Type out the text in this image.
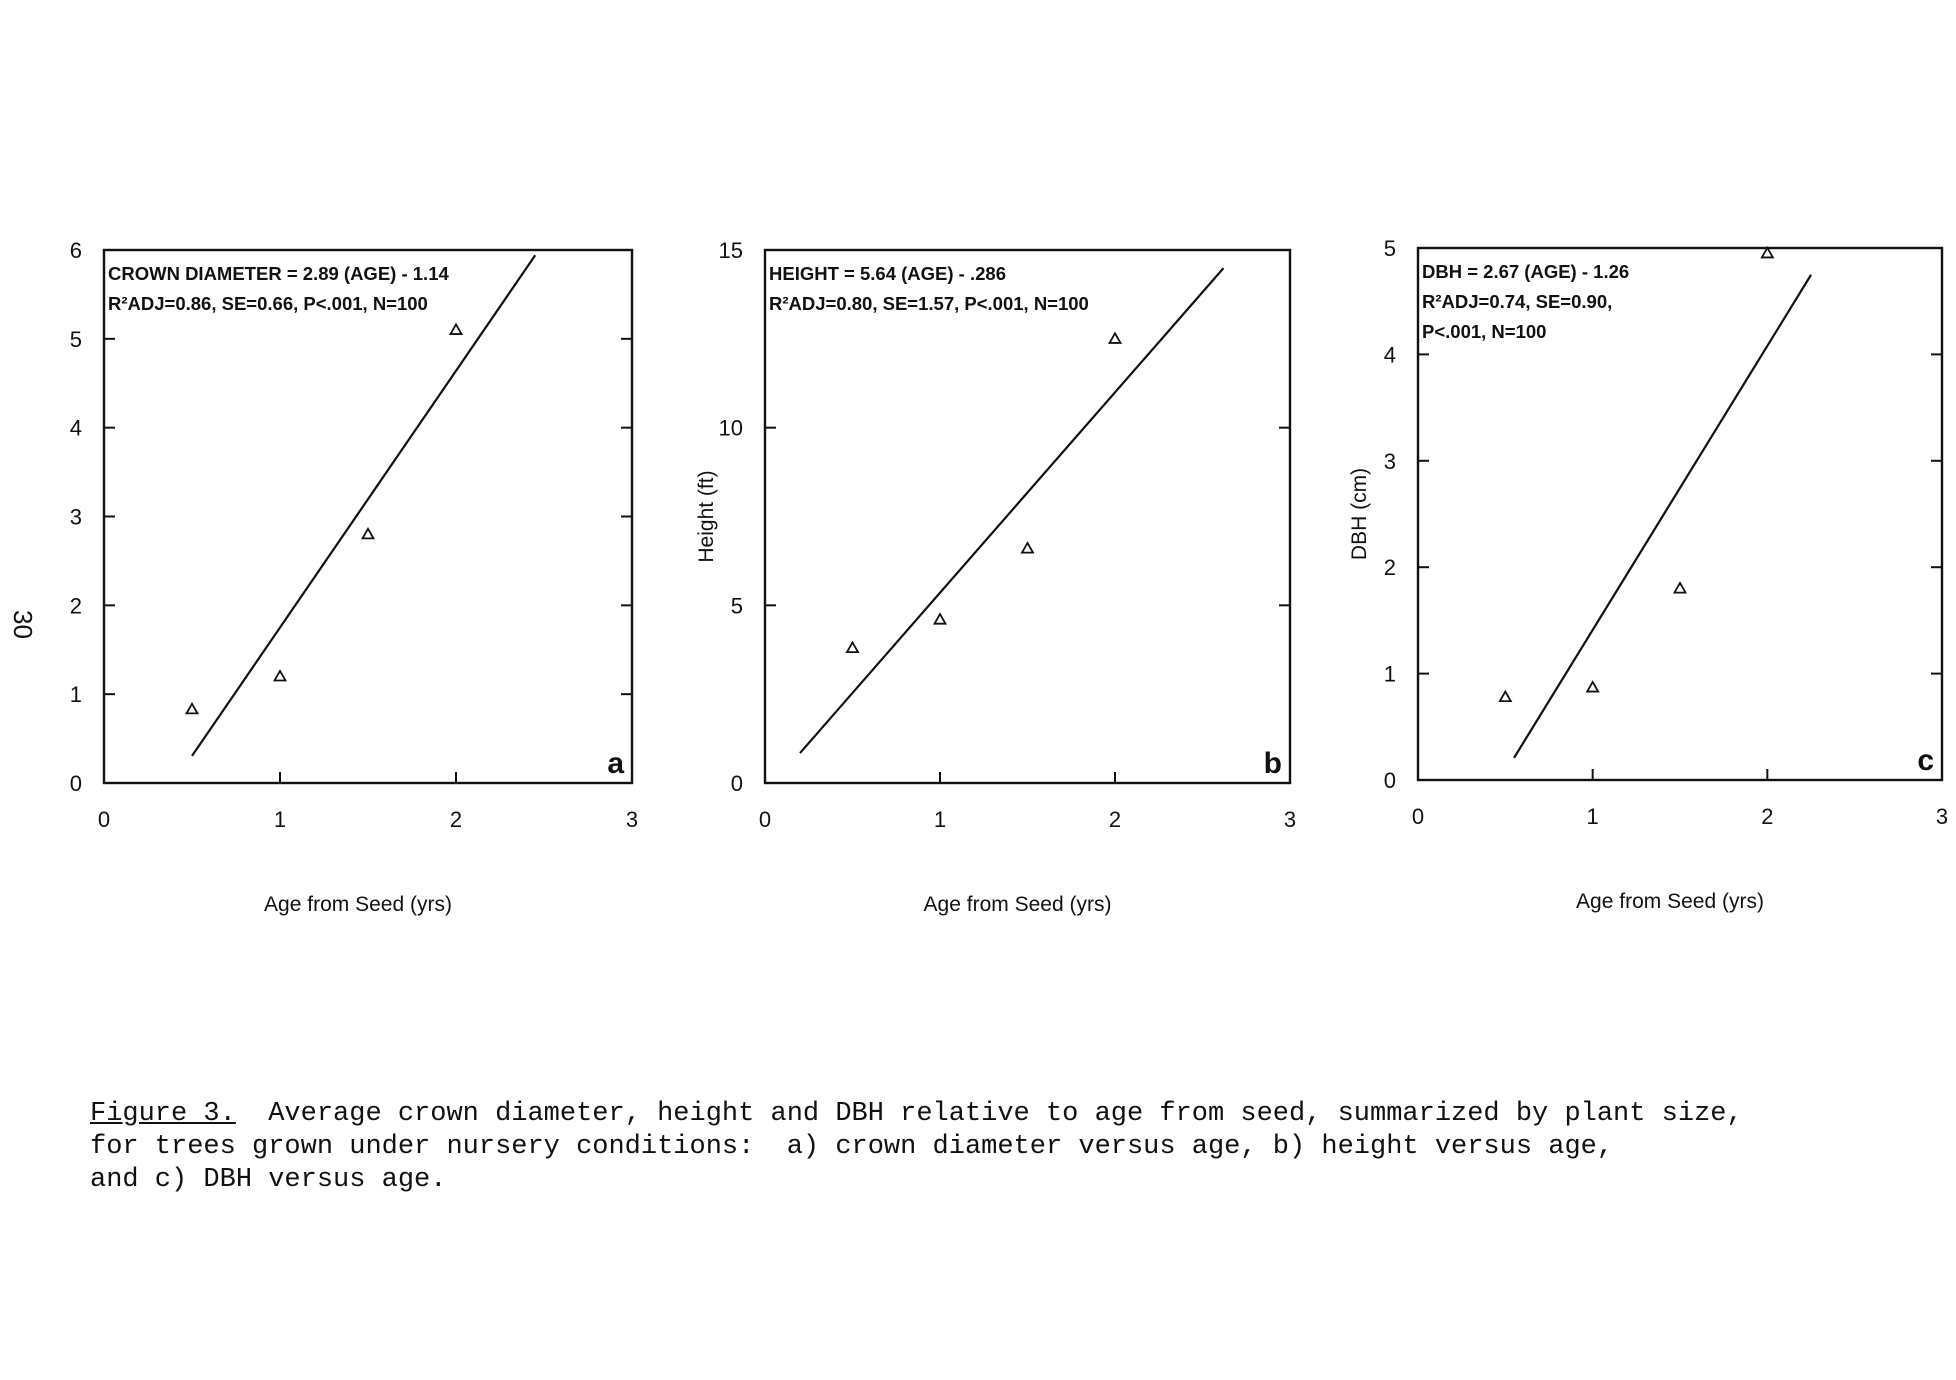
30
0	1	2	3
0
1
2
3
4
5
6
Age from Seed (yrs)
CROWN DIAMETER = 2.89 (AGE) - 1.14
R²ADJ=0.86, SE=0.66, P<.001, N=100
a
0	1	2	3
0
5
10
15
Age from Seed (yrs)
Height (ft)
HEIGHT = 5.64 (AGE) - .286
R²ADJ=0.80, SE=1.57, P<.001, N=100
b
0	1	2	3
0
1
2
3
4
5
Age from Seed (yrs)
DBH (cm)
DBH = 2.67 (AGE) - 1.26
R²ADJ=0.74, SE=0.90,
P<.001, N=100
c
Figure 3.  Average crown diameter, height and DBH relative to age from seed, summarized by plant size,
for trees grown under nursery conditions:  a) crown diameter versus age, b) height versus age,
and c) DBH versus age.
